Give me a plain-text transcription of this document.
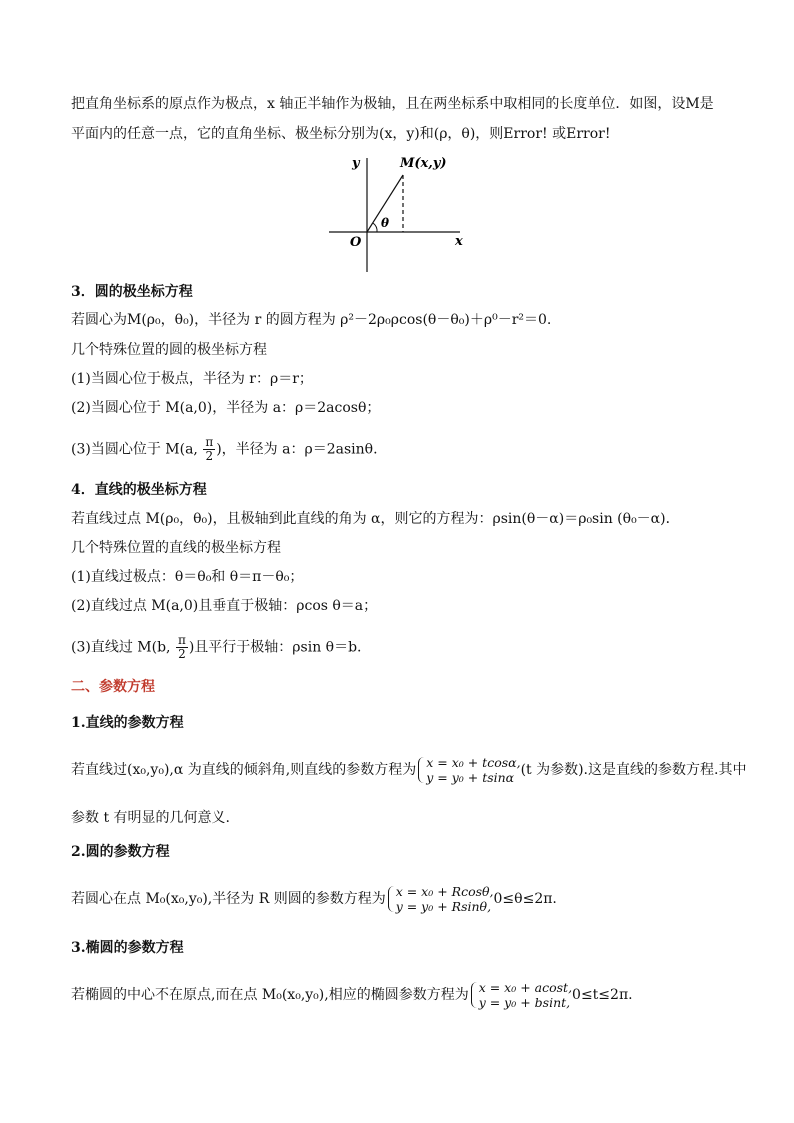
把直角坐标系的原点作为极点，x 轴正半轴作为极轴，且在两坐标系中取相同的长度单位．如图，设M是
平面内的任意一点，它的直角坐标、极坐标分别为(x，y)和(ρ，θ)，则Error! 或Error!
y
x
O
M(x,y)
θ
3．圆的极坐标方程
若圆心为M(ρ₀，θ₀)，半径为 r 的圆方程为 ρ²－2ρ₀ρcos(θ－θ₀)＋ρ⁰－r²＝0.
几个特殊位置的圆的极坐标方程
(1)当圆心位于极点，半径为 r：ρ＝r；
(2)当圆心位于 M(a,0)，半径为 a：ρ＝2acosθ；
(3)当圆心位于 M(a, $\frac{\pi}{2}$ )，半径为 a：ρ＝2asinθ.
4．直线的极坐标方程
若直线过点 M(ρ₀，θ₀)，且极轴到此直线的角为 α，则它的方程为：ρsin(θ－α)＝ρ₀sin (θ₀－α)．
几个特殊位置的直线的极坐标方程
(1)直线过极点：θ＝θ₀和 θ＝π－θ₀；
(2)直线过点 M(a,0)且垂直于极轴：ρcos θ＝a；
(3)直线过 M(b, $\frac{\pi}{2}$ )且平行于极轴：ρsin θ＝b.
二、参数方程
1.直线的参数方程
若直线过(x₀,y₀),α 为直线的倾斜角,则直线的参数方程为 x = x₀ + tcosα,
y = y₀ + tsinα (t 为参数).这是直线的参数方程.其中
参数 t 有明显的几何意义.
2.圆的参数方程
若圆心在点 M₀(x₀,y₀),半径为 R 则圆的参数方程为 x = x₀ + Rcosθ,
y = y₀ + Rsinθ, 0≤θ≤2π.
3.椭圆的参数方程
若椭圆的中心不在原点,而在点 M₀(x₀,y₀),相应的椭圆参数方程为 x = x₀ + acost,
y = y₀ + bsint, 0≤t≤2π.
